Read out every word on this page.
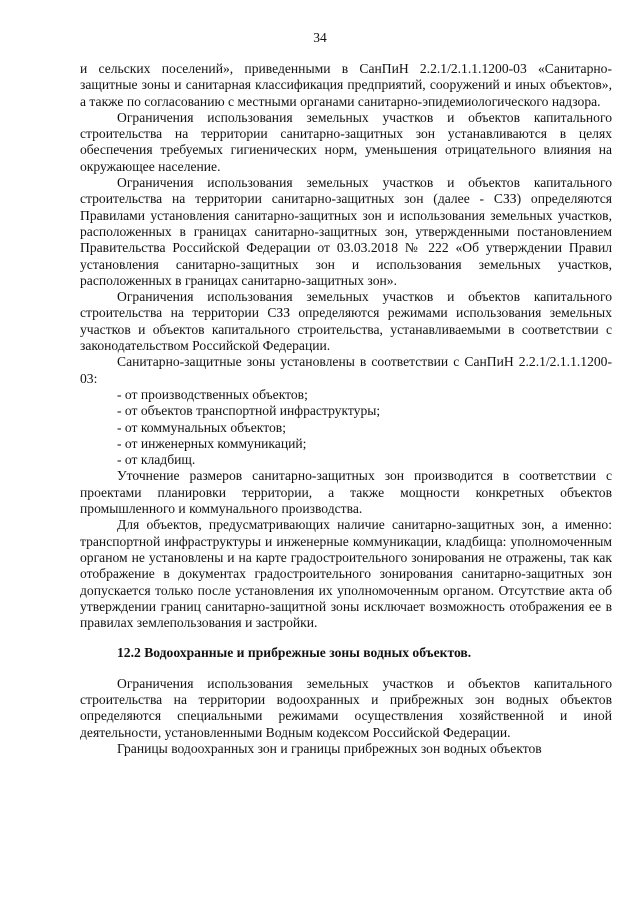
34

и сельских поселений», приведенными в СанПиН 2.2.1/2.1.1.1200-03 «Санитарно-защитные зоны и санитарная классификация предприятий, сооружений и иных объектов», а также по согласованию с местными органами санитарно-эпидемиологического надзора.

Ограничения использования земельных участков и объектов капитального строительства на территории санитарно-защитных зон устанавливаются в целях обеспечения требуемых гигиенических норм, уменьшения отрицательного влияния на окружающее население.

Ограничения использования земельных участков и объектов капитального строительства на территории санитарно-защитных зон (далее - СЗЗ) определяются Правилами установления санитарно-защитных зон и использования земельных участков, расположенных в границах санитарно-защитных зон, утвержденными постановлением Правительства Российской Федерации от 03.03.2018 № 222 «Об утверждении Правил установления санитарно-защитных зон и использования земельных участков, расположенных в границах санитарно-защитных зон».

Ограничения использования земельных участков и объектов капитального строительства на территории СЗЗ определяются режимами использования земельных участков и объектов капитального строительства, устанавливаемыми в соответствии с законодательством Российской Федерации.

Санитарно-защитные зоны установлены в соответствии с СанПиН 2.2.1/2.1.1.1200-03:

- от производственных объектов;

- от объектов транспортной инфраструктуры;

- от коммунальных объектов;

- от инженерных коммуникаций;

- от кладбищ.

Уточнение размеров санитарно-защитных зон производится в соответствии с проектами планировки территории, а также мощности конкретных объектов промышленного и коммунального производства.

Для объектов, предусматривающих наличие санитарно-защитных зон, а именно: транспортной инфраструктуры и инженерные коммуникации, кладбища: уполномоченным органом не установлены и на карте градостроительного зонирования не отражены, так как отображение в документах градостроительного зонирования санитарно-защитных зон допускается только после установления их уполномоченным органом. Отсутствие акта об утверждении границ санитарно-защитной зоны исключает возможность отображения ее в правилах землепользования и застройки.

12.2 Водоохранные и прибрежные зоны водных объектов.

Ограничения использования земельных участков и объектов капитального строительства на территории водоохранных и прибрежных зон водных объектов определяются специальными режимами осуществления хозяйственной и иной деятельности, установленными Водным кодексом Российской Федерации.

Границы водоохранных зон и границы прибрежных зон водных объектов
